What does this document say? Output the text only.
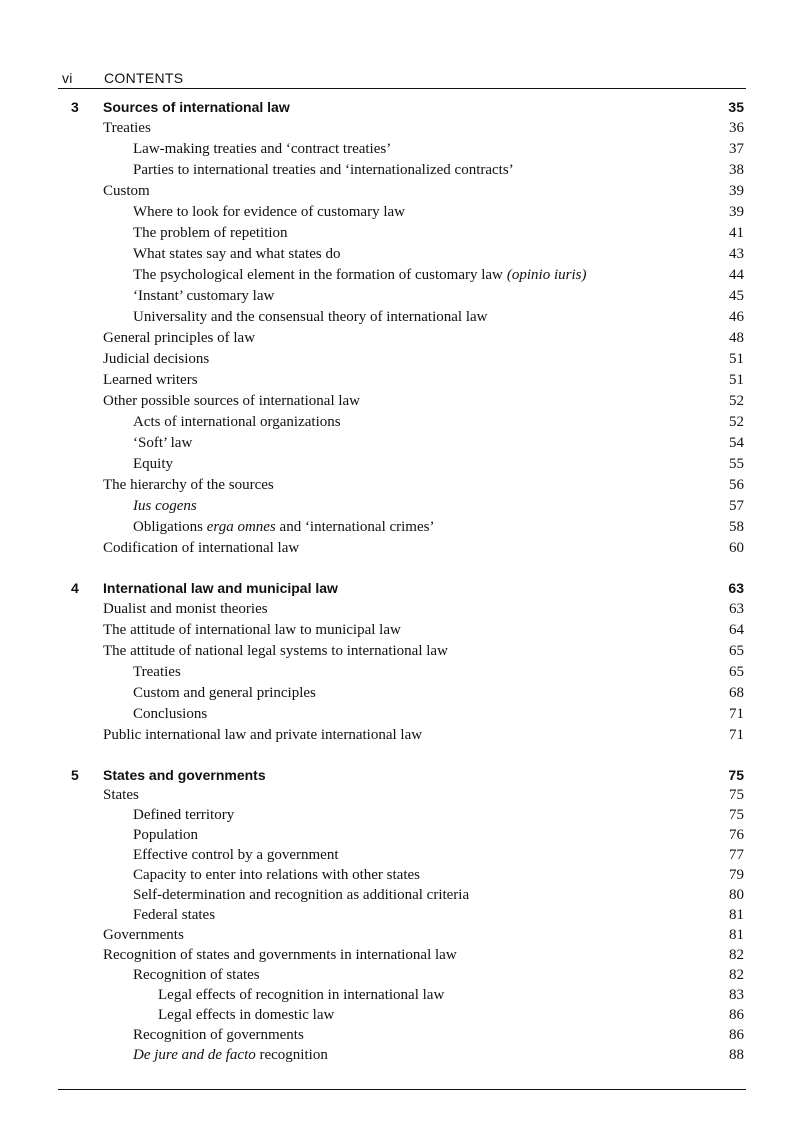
vi CONTENTS
3 Sources of international law	35
Treaties	36
Law-making treaties and ‘contract treaties’	37
Parties to international treaties and ‘internationalized contracts’	38
Custom	39
Where to look for evidence of customary law	39
The problem of repetition	41
What states say and what states do	43
The psychological element in the formation of customary law (opinio iuris)	44
‘Instant’ customary law	45
Universality and the consensual theory of international law	46
General principles of law	48
Judicial decisions	51
Learned writers	51
Other possible sources of international law	52
Acts of international organizations	52
‘Soft’ law	54
Equity	55
The hierarchy of the sources	56
Ius cogens	57
Obligations erga omnes and ‘international crimes’	58
Codification of international law	60
4 International law and municipal law	63
Dualist and monist theories	63
The attitude of international law to municipal law	64
The attitude of national legal systems to international law	65
Treaties	65
Custom and general principles	68
Conclusions	71
Public international law and private international law	71
5 States and governments	75
States	75
Defined territory	75
Population	76
Effective control by a government	77
Capacity to enter into relations with other states	79
Self-determination and recognition as additional criteria	80
Federal states	81
Governments	81
Recognition of states and governments in international law	82
Recognition of states	82
Legal effects of recognition in international law	83
Legal effects in domestic law	86
Recognition of governments	86
De jure and de facto recognition	88
